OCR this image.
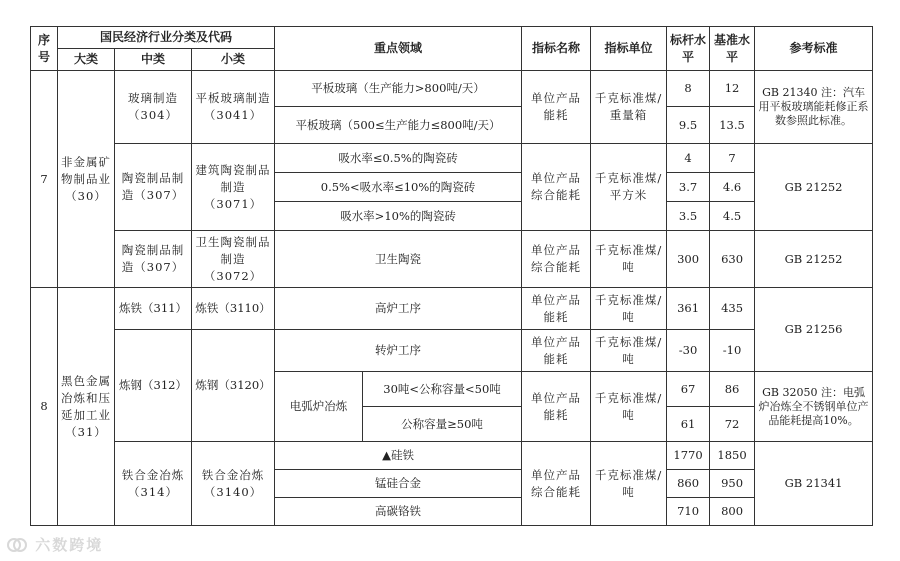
序号	国民经济行业分类及代码			重点领域		指标名称	指标单位	标杆水平	基准水平	参考标准
	大类	中类	小类							
7	非金属矿物制品业（30）	玻璃制造（304）	平板玻璃制造（3041）	平板玻璃（生产能力>800吨/天）		单位产品能耗	千克标准煤/重量箱	8	12	GB 21340 注：汽车用平板玻璃能耗修正系数参照此标准。
				平板玻璃（500≤生产能力≤800吨/天）				9.5	13.5	
		陶瓷制品制造（307）	建筑陶瓷制品制造（3071）	吸水率≤0.5%的陶瓷砖		单位产品综合能耗	千克标准煤/平方米	4	7	GB 21252
				0.5%<吸水率≤10%的陶瓷砖				3.7	4.6	
				吸水率>10%的陶瓷砖				3.5	4.5	
		陶瓷制品制造（307）	卫生陶瓷制品制造（3072）	卫生陶瓷		单位产品综合能耗	千克标准煤/吨	300	630	GB 21252
8	黑色金属冶炼和压延加工业（31）	炼铁（311）	炼铁（3110）	高炉工序		单位产品能耗	千克标准煤/吨	361	435	GB 21256
		炼钢（312）	炼钢（3120）	转炉工序		单位产品能耗	千克标准煤/吨	-30	-10	
				电弧炉冶炼	30吨<公称容量<50吨	单位产品能耗	千克标准煤/吨	67	86	GB 32050 注：电弧炉冶炼全不锈钢单位产品能耗提高10%。
					公称容量≥50吨			61	72	
		铁合金冶炼（314）	铁合金冶炼（3140）	▲硅铁		单位产品综合能耗	千克标准煤/吨	1770	1850	GB 21341
				锰硅合金				860	950	
				高碳铬铁				710	800	
六数跨境
